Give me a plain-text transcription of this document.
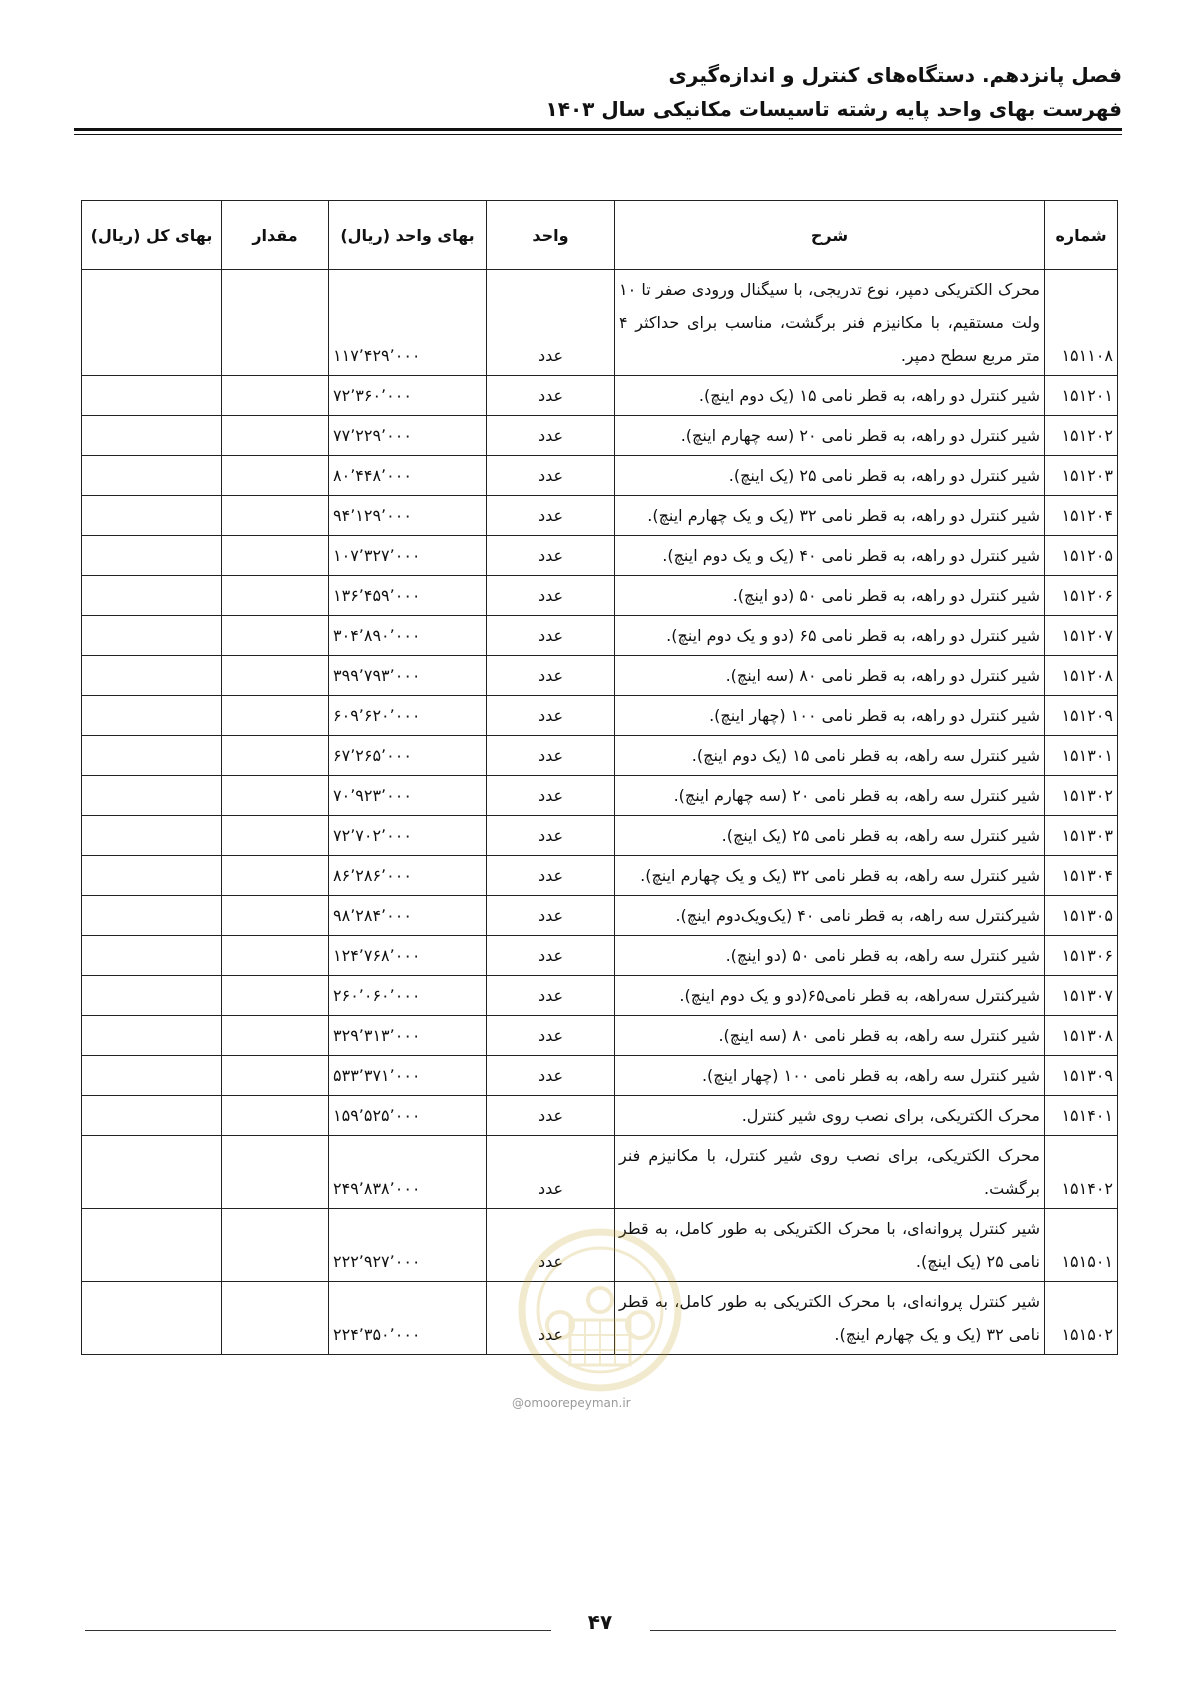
فصل پانزدهم. دستگاه‌های کنترل و اندازه‌گیری
فهرست بهای واحد پایه رشته تاسیسات مکانیکی سال ۱۴۰۳
شماره	شرح	واحد	بهای واحد (ریال)	مقدار	بهای کل (ریال)
۱۵۱۱۰۸	محرک الکتریکی دمپر، نوع تدریجی، با سیگنال ورودی صفر تا ۱۰ ولت مستقیم، با مکانیزم فنر برگشت، مناسب برای حداکثر ۴ متر مربع سطح دمپر.	عدد	۱۱۷٬۴۲۹٬۰۰۰		
۱۵۱۲۰۱	شیر کنترل دو راهه، به قطر نامی ۱۵ (یک دوم اینچ).	عدد	۷۲٬۳۶۰٬۰۰۰		
۱۵۱۲۰۲	شیر کنترل دو راهه، به قطر نامی ۲۰ (سه چهارم اینچ).	عدد	۷۷٬۲۲۹٬۰۰۰		
۱۵۱۲۰۳	شیر کنترل دو راهه، به قطر نامی ۲۵ (یک اینچ).	عدد	۸۰٬۴۴۸٬۰۰۰		
۱۵۱۲۰۴	شیر کنترل دو راهه، به قطر نامی ۳۲ (یک و یک چهارم اینچ).	عدد	۹۴٬۱۲۹٬۰۰۰		
۱۵۱۲۰۵	شیر کنترل دو راهه، به قطر نامی ۴۰ (یک و یک دوم اینچ).	عدد	۱۰۷٬۳۲۷٬۰۰۰		
۱۵۱۲۰۶	شیر کنترل دو راهه، به قطر نامی ۵۰ (دو اینچ).	عدد	۱۳۶٬۴۵۹٬۰۰۰		
۱۵۱۲۰۷	شیر کنترل دو راهه، به قطر نامی ۶۵ (دو و یک دوم اینچ).	عدد	۳۰۴٬۸۹۰٬۰۰۰		
۱۵۱۲۰۸	شیر کنترل دو راهه، به قطر نامی ۸۰ (سه اینچ).	عدد	۳۹۹٬۷۹۳٬۰۰۰		
۱۵۱۲۰۹	شیر کنترل دو راهه، به قطر نامی ۱۰۰ (چهار اینچ).	عدد	۶۰۹٬۶۲۰٬۰۰۰		
۱۵۱۳۰۱	شیر کنترل سه راهه، به قطر نامی ۱۵ (یک دوم اینچ).	عدد	۶۷٬۲۶۵٬۰۰۰		
۱۵۱۳۰۲	شیر کنترل سه راهه، به قطر نامی ۲۰ (سه چهارم اینچ).	عدد	۷۰٬۹۲۳٬۰۰۰		
۱۵۱۳۰۳	شیر کنترل سه راهه، به قطر نامی ۲۵ (یک اینچ).	عدد	۷۲٬۷۰۲٬۰۰۰		
۱۵۱۳۰۴	شیر کنترل سه راهه، به قطر نامی ۳۲ (یک و یک چهارم اینچ).	عدد	۸۶٬۲۸۶٬۰۰۰		
۱۵۱۳۰۵	شیرکنترل سه راهه، به قطر نامی ۴۰ (یک‌و‌یک‌دوم اینچ).	عدد	۹۸٬۲۸۴٬۰۰۰		
۱۵۱۳۰۶	شیر کنترل سه راهه، به قطر نامی ۵۰ (دو اینچ).	عدد	۱۲۴٬۷۶۸٬۰۰۰		
۱۵۱۳۰۷	شیرکنترل سه‌راهه، به قطر نامی۶۵(دو و یک دوم اینچ).	عدد	۲۶۰٬۰۶۰٬۰۰۰		
۱۵۱۳۰۸	شیر کنترل سه راهه، به قطر نامی ۸۰ (سه اینچ).	عدد	۳۲۹٬۳۱۳٬۰۰۰		
۱۵۱۳۰۹	شیر کنترل سه راهه، به قطر نامی ۱۰۰ (چهار اینچ).	عدد	۵۳۳٬۳۷۱٬۰۰۰		
۱۵۱۴۰۱	محرک الکتریکی، برای نصب روی شیر کنترل.	عدد	۱۵۹٬۵۲۵٬۰۰۰		
۱۵۱۴۰۲	محرک الکتریکی، برای نصب روی شیر کنترل، با مکانیزم فنر برگشت.	عدد	۲۴۹٬۸۳۸٬۰۰۰		
۱۵۱۵۰۱	شیر کنترل پروانه‌ای، با محرک الکتریکی به طور کامل، به قطر نامی ۲۵ (یک اینچ).	عدد	۲۲۲٬۹۲۷٬۰۰۰		
۱۵۱۵۰۲	شیر کنترل پروانه‌ای، با محرک الکتریکی به طور کامل، به قطر نامی ۳۲ (یک و یک چهارم اینچ).	عدد	۲۲۴٬۳۵۰٬۰۰۰		
@omoorepeyman.ir
۴۷
